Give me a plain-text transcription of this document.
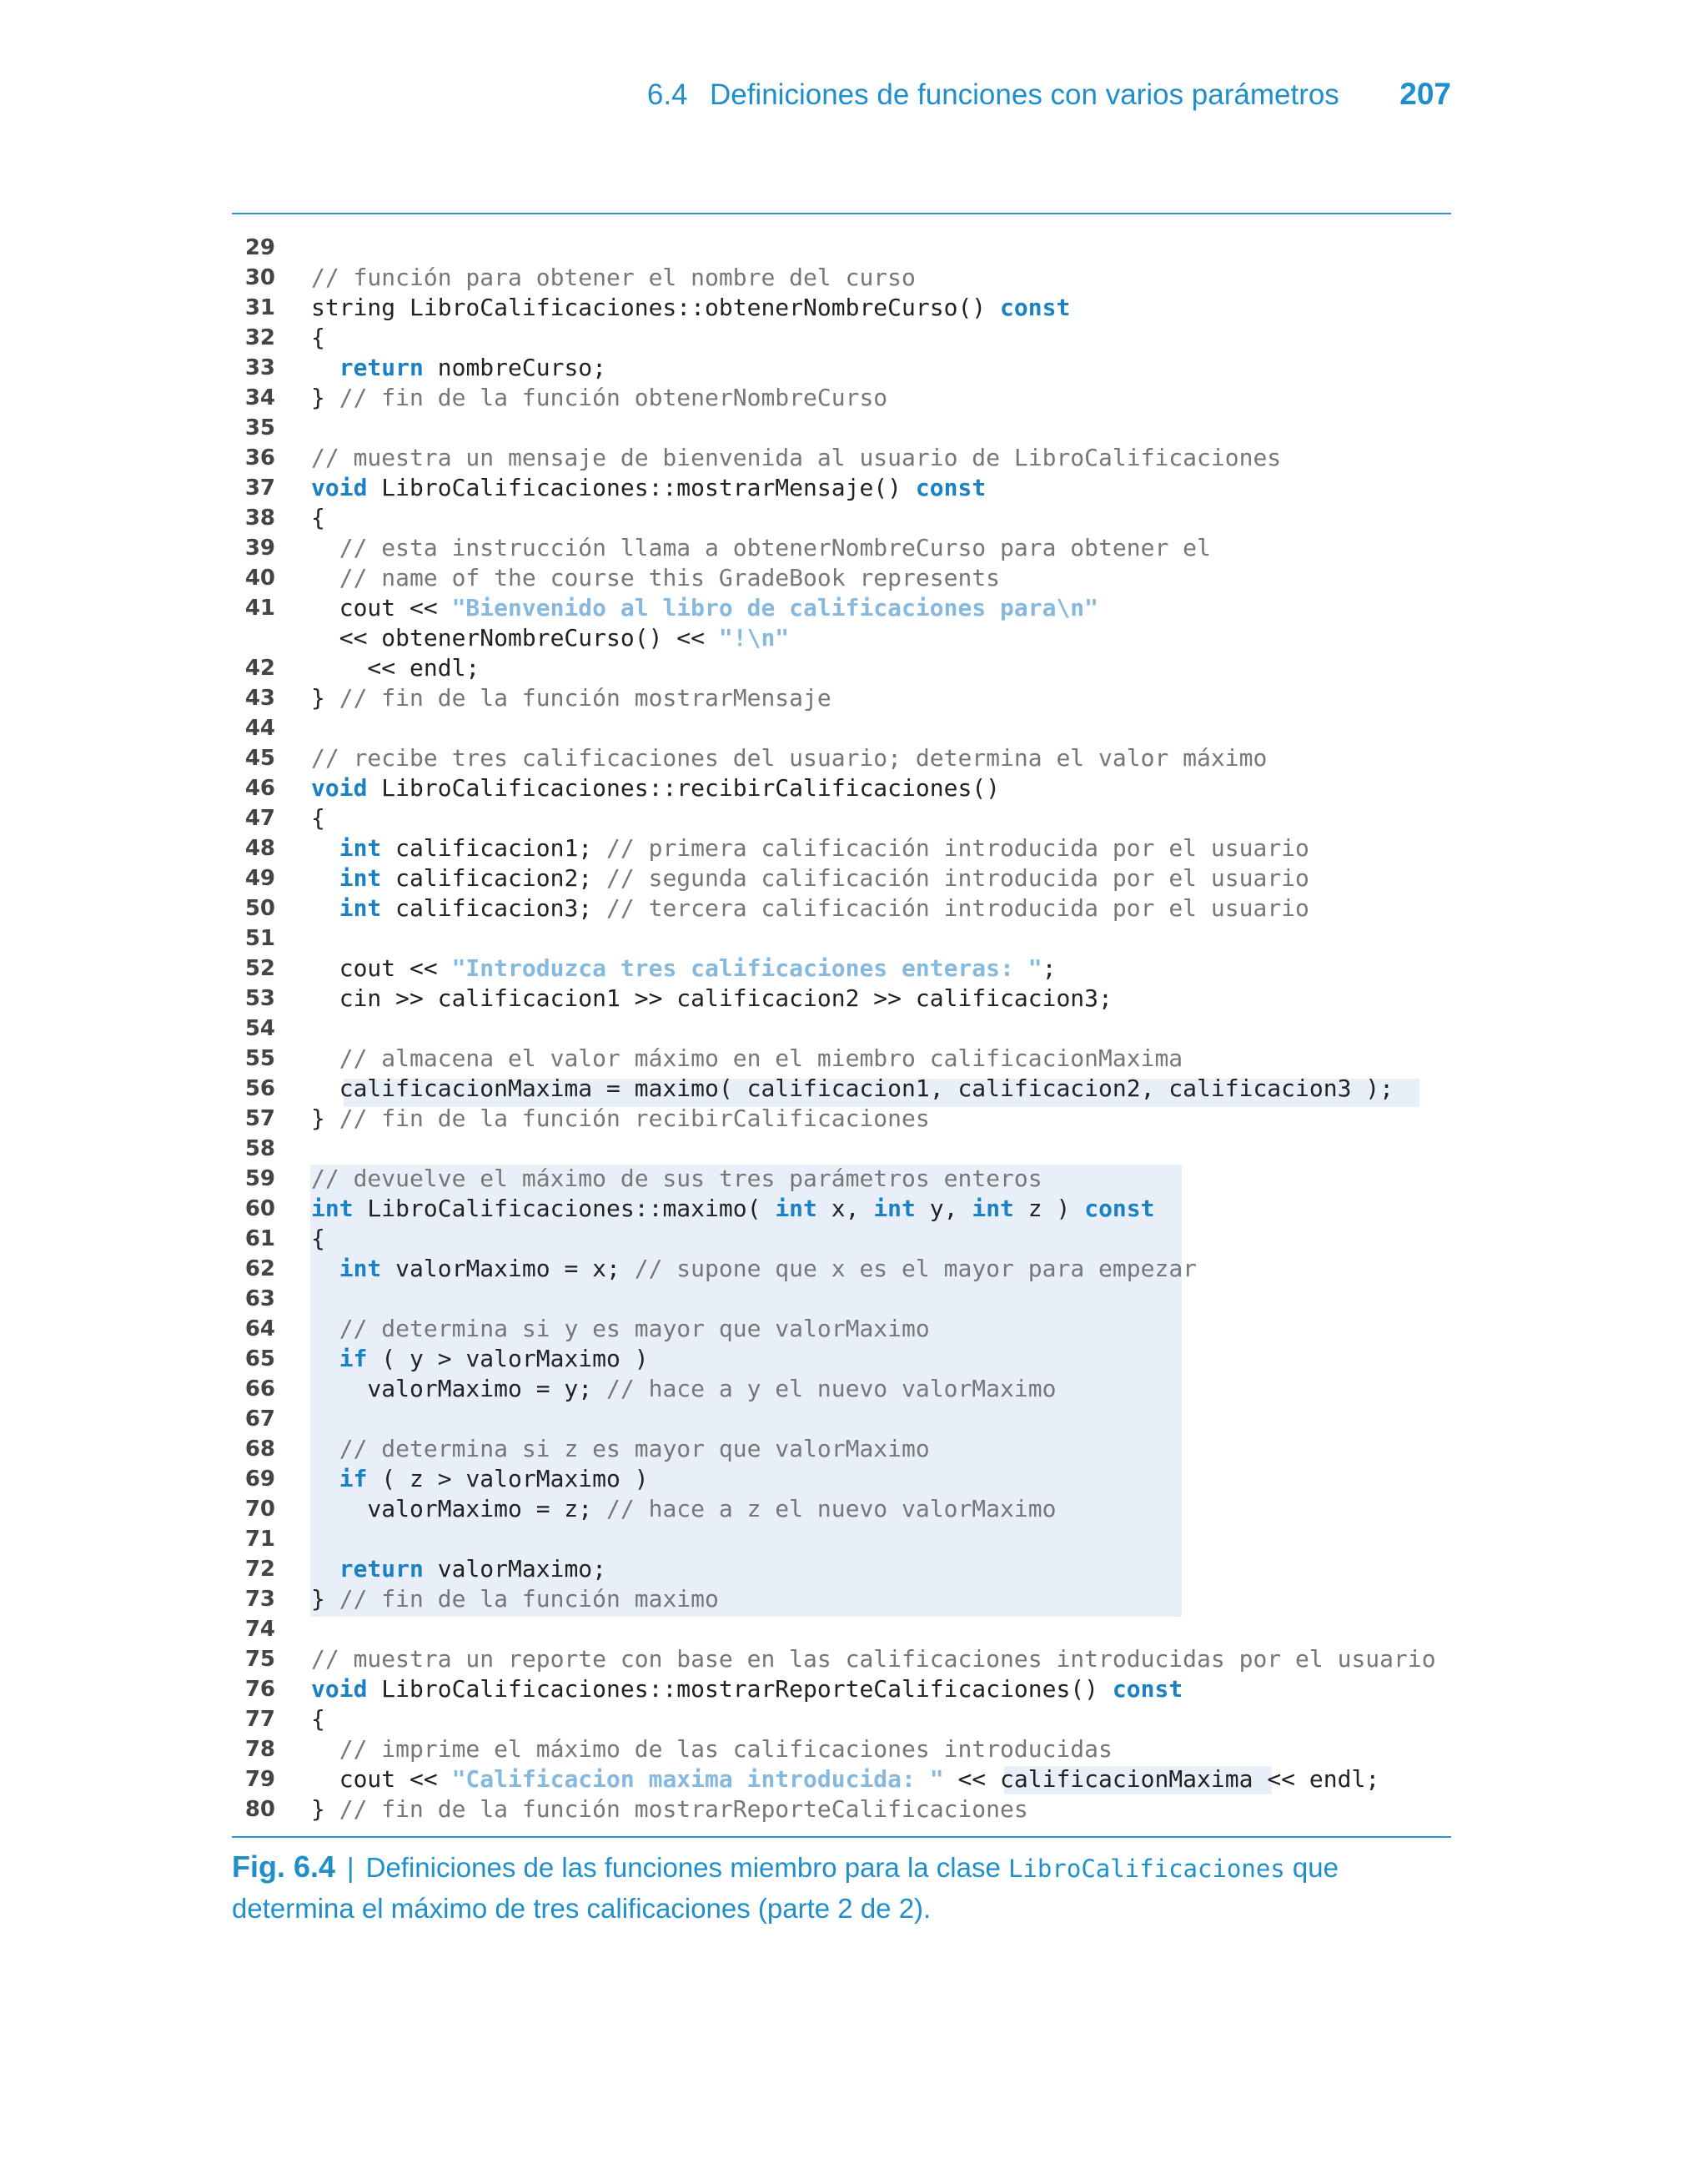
6.4 Definiciones de funciones con varios parámetros 207
29
30 // función para obtener el nombre del curso
31 string LibroCalificaciones::obtenerNombreCurso() const
32 {
33	return nombreCurso;
34 } // fin de la función obtenerNombreCurso
35
36 // muestra un mensaje de bienvenida al usuario de LibroCalificaciones
37 void LibroCalificaciones::mostrarMensaje() const
38 {
39	// esta instrucción llama a obtenerNombreCurso para obtener el
40	// name of the course this GradeBook represents
41 cout << "Bienvenido al libro de calificaciones para\n"
<< obtenerNombreCurso() << "!\n"
42 << endl;
43 } // fin de la función mostrarMensaje
44
45 // recibe tres calificaciones del usuario; determina el valor máximo
46 void LibroCalificaciones::recibirCalificaciones()
47 {
48	int calificacion1; // primera calificación introducida por el usuario
49	int calificacion2; // segunda calificación introducida por el usuario
50	int calificacion3; // tercera calificación introducida por el usuario
51
52 cout << "Introduzca tres calificaciones enteras: ";
53 cin >> calificacion1 >> calificacion2 >> calificacion3;
54
55	// almacena el valor máximo en el miembro calificacionMaxima
56 calificacionMaxima = maximo( calificacion1, calificacion2, calificacion3 );
57 } // fin de la función recibirCalificaciones
58
59 // devuelve el máximo de sus tres parámetros enteros
60 int LibroCalificaciones::maximo( int x, int y, int z ) const
61 {
62	int valorMaximo = x; // supone que x es el mayor para empezar
63
64	// determina si y es mayor que valorMaximo
65	if ( y > valorMaximo )
66 valorMaximo = y; // hace a y el nuevo valorMaximo
67
68	// determina si z es mayor que valorMaximo
69	if ( z > valorMaximo )
70 valorMaximo = z; // hace a z el nuevo valorMaximo
71
72	return valorMaximo;
73 } // fin de la función maximo
74
75 // muestra un reporte con base en las calificaciones introducidas por el usuario
76 void LibroCalificaciones::mostrarReporteCalificaciones() const
77 {
78	// imprime el máximo de las calificaciones introducidas
79 cout << "Calificacion maxima introducida: " << calificacionMaxima << endl;
80 } // fin de la función mostrarReporteCalificaciones
Fig. 6.4 | Definiciones de las funciones miembro para la clase LibroCalificaciones que determina el máximo de tres calificaciones (parte 2 de 2).
